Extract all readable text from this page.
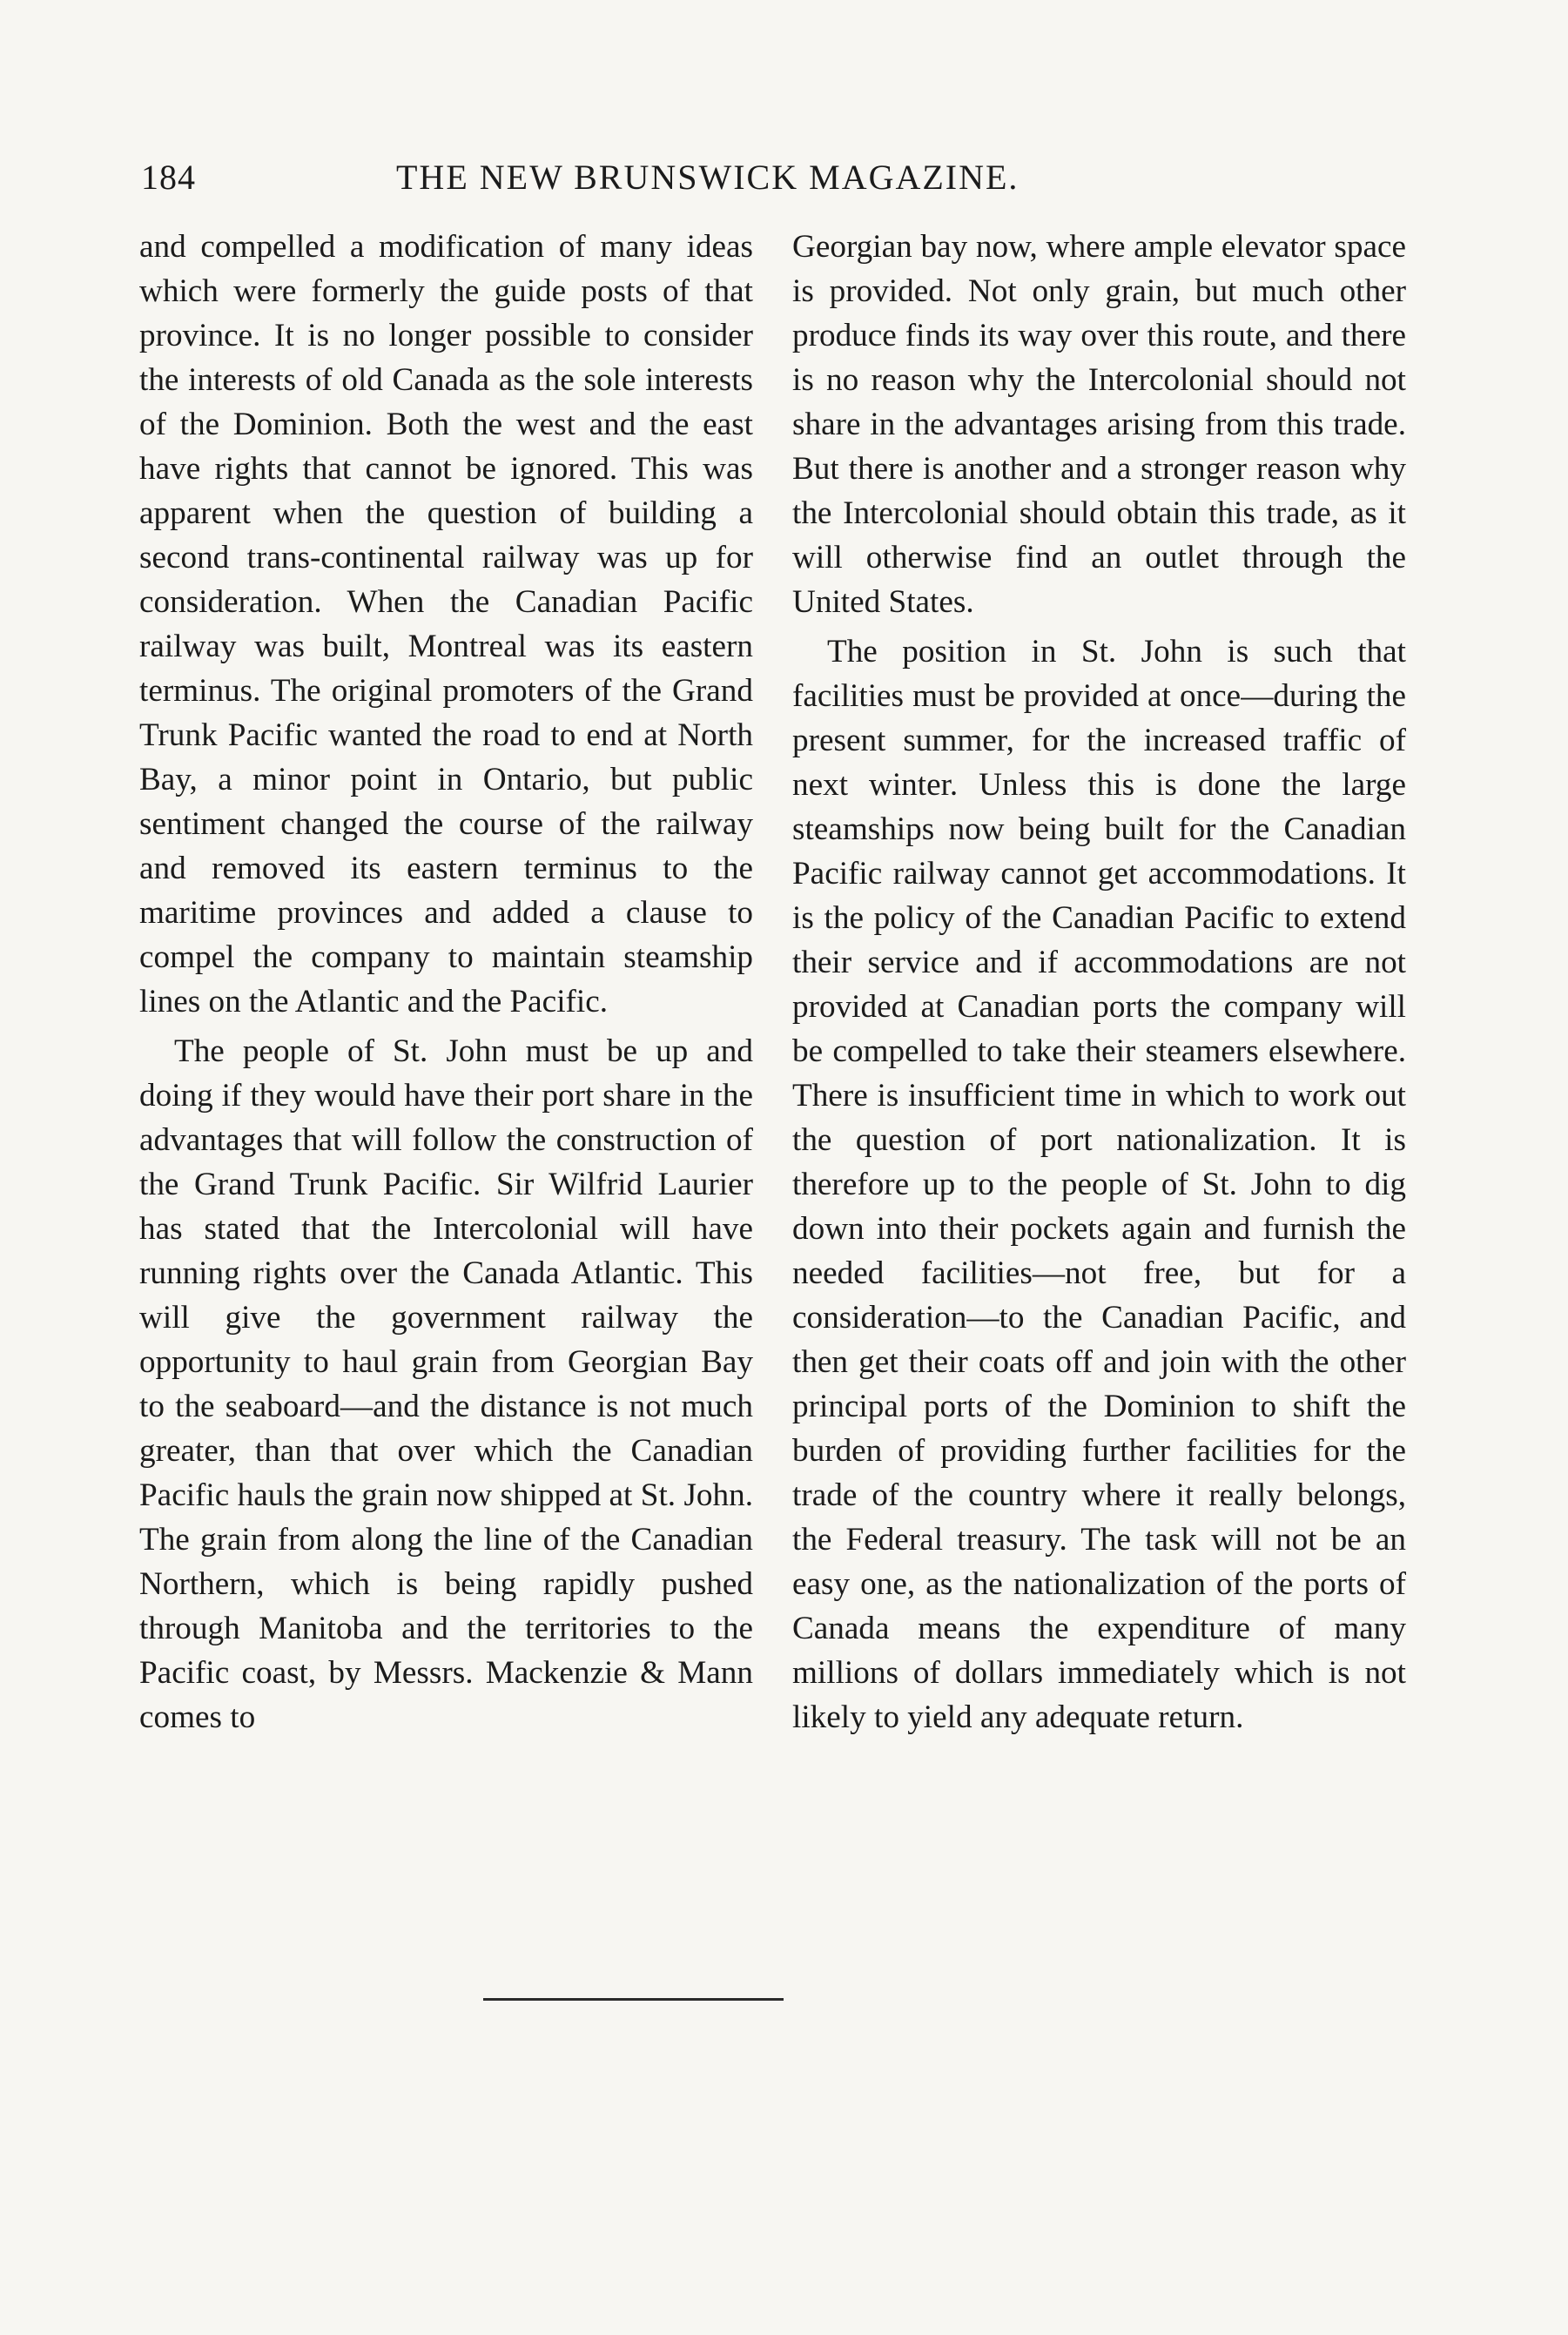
184	THE NEW BRUNSWICK MAGAZINE.

and compelled a modification of many ideas which were formerly the guide posts of that province. It is no longer possible to consider the interests of old Canada as the sole interests of the Dominion. Both the west and the east have rights that cannot be ignored. This was apparent when the question of building a second trans-continental railway was up for consideration. When the Canadian Pacific railway was built, Montreal was its eastern terminus. The original promoters of the Grand Trunk Pacific wanted the road to end at North Bay, a minor point in Ontario, but public sentiment changed the course of the railway and removed its eastern terminus to the maritime provinces and added a clause to compel the company to maintain steamship lines on the Atlantic and the Pacific.

The people of St. John must be up and doing if they would have their port share in the advantages that will follow the construction of the Grand Trunk Pacific. Sir Wilfrid Laurier has stated that the Intercolonial will have running rights over the Canada Atlantic. This will give the government railway the opportunity to haul grain from Georgian Bay to the seaboard—and the distance is not much greater, than that over which the Canadian Pacific hauls the grain now shipped at St. John. The grain from along the line of the Canadian Northern, which is being rapidly pushed through Manitoba and the territories to the Pacific coast, by Messrs. Mackenzie & Mann comes to

Georgian bay now, where ample elevator space is provided. Not only grain, but much other produce finds its way over this route, and there is no reason why the Intercolonial should not share in the advantages arising from this trade. But there is another and a stronger reason why the Intercolonial should obtain this trade, as it will otherwise find an outlet through the United States.

The position in St. John is such that facilities must be provided at once—during the present summer, for the increased traffic of next winter. Unless this is done the large steamships now being built for the Canadian Pacific railway cannot get accommodations. It is the policy of the Canadian Pacific to extend their service and if accommodations are not provided at Canadian ports the company will be compelled to take their steamers elsewhere. There is insufficient time in which to work out the question of port nationalization. It is therefore up to the people of St. John to dig down into their pockets again and furnish the needed facilities—not free, but for a consideration—to the Canadian Pacific, and then get their coats off and join with the other principal ports of the Dominion to shift the burden of providing further facilities for the trade of the country where it really belongs, the Federal treasury. The task will not be an easy one, as the nationalization of the ports of Canada means the expenditure of many millions of dollars immediately which is not likely to yield any adequate return.
